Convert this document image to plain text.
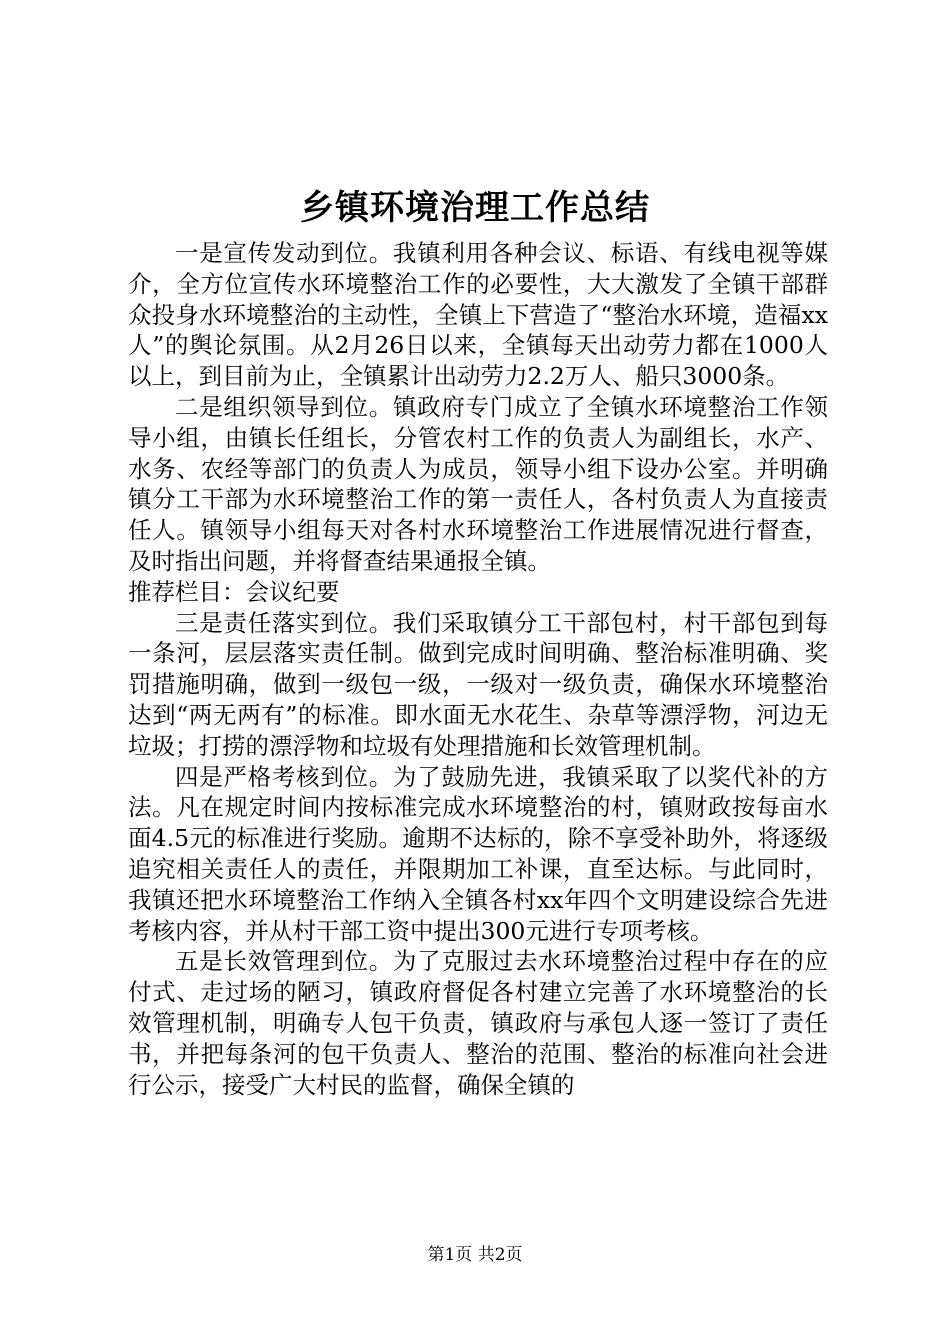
乡镇环境治理工作总结

一是宣传发动到位。我镇利用各种会议、标语、有线电视等媒介，全方位宣传水环境整治工作的必要性，大大激发了全镇干部群众投身水环境整治的主动性，全镇上下营造了“整治水环境，造福xx人”的舆论氛围。从2月26日以来，全镇每天出动劳力都在1000人以上，到目前为止，全镇累计出动劳力2.2万人、船只3000条。

二是组织领导到位。镇政府专门成立了全镇水环境整治工作领导小组，由镇长任组长，分管农村工作的负责人为副组长，水产、水务、农经等部门的负责人为成员，领导小组下设办公室。并明确镇分工干部为水环境整治工作的第一责任人，各村负责人为直接责任人。镇领导小组每天对各村水环境整治工作进展情况进行督查，及时指出问题，并将督查结果通报全镇。

推荐栏目：会议纪要

三是责任落实到位。我们采取镇分工干部包村，村干部包到每一条河，层层落实责任制。做到完成时间明确、整治标准明确、奖罚措施明确，做到一级包一级，一级对一级负责，确保水环境整治达到“两无两有”的标准。即水面无水花生、杂草等漂浮物，河边无垃圾；打捞的漂浮物和垃圾有处理措施和长效管理机制。

四是严格考核到位。为了鼓励先进，我镇采取了以奖代补的方法。凡在规定时间内按标准完成水环境整治的村，镇财政按每亩水面4.5元的标准进行奖励。逾期不达标的，除不享受补助外，将逐级追究相关责任人的责任，并限期加工补课，直至达标。与此同时，我镇还把水环境整治工作纳入全镇各村xx年四个文明建设综合先进考核内容，并从村干部工资中提出300元进行专项考核。

五是长效管理到位。为了克服过去水环境整治过程中存在的应付式、走过场的陋习，镇政府督促各村建立完善了水环境整治的长效管理机制，明确专人包干负责，镇政府与承包人逐一签订了责任书，并把每条河的包干负责人、整治的范围、整治的标准向社会进行公示，接受广大村民的监督，确保全镇的

第1页 共2页
